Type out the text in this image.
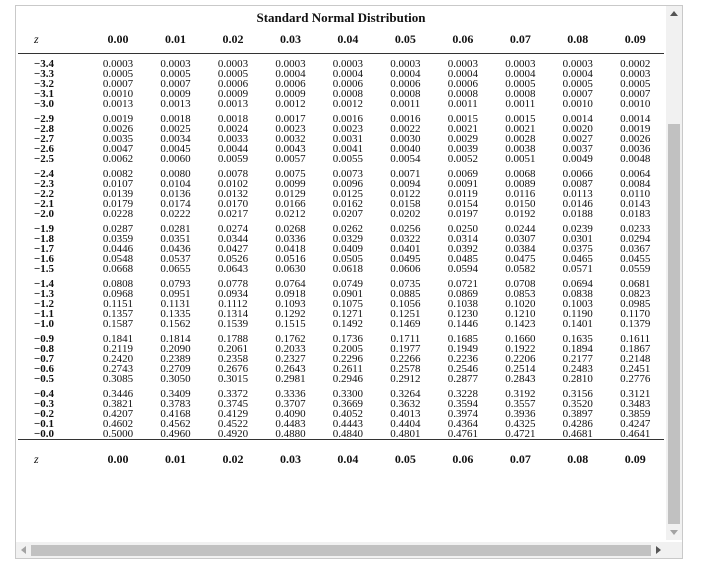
Standard Normal Distribution
z	0.00	0.01	0.02	0.03	0.04	0.05	0.06	0.07	0.08	0.09

−3.4	0.0003	0.0003	0.0003	0.0003	0.0003	0.0003	0.0003	0.0003	0.0003	0.0002
−3.3	0.0005	0.0005	0.0005	0.0004	0.0004	0.0004	0.0004	0.0004	0.0004	0.0003
−3.2	0.0007	0.0007	0.0006	0.0006	0.0006	0.0006	0.0006	0.0005	0.0005	0.0005
−3.1	0.0010	0.0009	0.0009	0.0009	0.0008	0.0008	0.0008	0.0008	0.0007	0.0007
−3.0	0.0013	0.0013	0.0013	0.0012	0.0012	0.0011	0.0011	0.0011	0.0010	0.0010

−2.9	0.0019	0.0018	0.0018	0.0017	0.0016	0.0016	0.0015	0.0015	0.0014	0.0014
−2.8	0.0026	0.0025	0.0024	0.0023	0.0023	0.0022	0.0021	0.0021	0.0020	0.0019
−2.7	0.0035	0.0034	0.0033	0.0032	0.0031	0.0030	0.0029	0.0028	0.0027	0.0026
−2.6	0.0047	0.0045	0.0044	0.0043	0.0041	0.0040	0.0039	0.0038	0.0037	0.0036
−2.5	0.0062	0.0060	0.0059	0.0057	0.0055	0.0054	0.0052	0.0051	0.0049	0.0048

−2.4	0.0082	0.0080	0.0078	0.0075	0.0073	0.0071	0.0069	0.0068	0.0066	0.0064
−2.3	0.0107	0.0104	0.0102	0.0099	0.0096	0.0094	0.0091	0.0089	0.0087	0.0084
−2.2	0.0139	0.0136	0.0132	0.0129	0.0125	0.0122	0.0119	0.0116	0.0113	0.0110
−2.1	0.0179	0.0174	0.0170	0.0166	0.0162	0.0158	0.0154	0.0150	0.0146	0.0143
−2.0	0.0228	0.0222	0.0217	0.0212	0.0207	0.0202	0.0197	0.0192	0.0188	0.0183

−1.9	0.0287	0.0281	0.0274	0.0268	0.0262	0.0256	0.0250	0.0244	0.0239	0.0233
−1.8	0.0359	0.0351	0.0344	0.0336	0.0329	0.0322	0.0314	0.0307	0.0301	0.0294
−1.7	0.0446	0.0436	0.0427	0.0418	0.0409	0.0401	0.0392	0.0384	0.0375	0.0367
−1.6	0.0548	0.0537	0.0526	0.0516	0.0505	0.0495	0.0485	0.0475	0.0465	0.0455
−1.5	0.0668	0.0655	0.0643	0.0630	0.0618	0.0606	0.0594	0.0582	0.0571	0.0559

−1.4	0.0808	0.0793	0.0778	0.0764	0.0749	0.0735	0.0721	0.0708	0.0694	0.0681
−1.3	0.0968	0.0951	0.0934	0.0918	0.0901	0.0885	0.0869	0.0853	0.0838	0.0823
−1.2	0.1151	0.1131	0.1112	0.1093	0.1075	0.1056	0.1038	0.1020	0.1003	0.0985
−1.1	0.1357	0.1335	0.1314	0.1292	0.1271	0.1251	0.1230	0.1210	0.1190	0.1170
−1.0	0.1587	0.1562	0.1539	0.1515	0.1492	0.1469	0.1446	0.1423	0.1401	0.1379

−0.9	0.1841	0.1814	0.1788	0.1762	0.1736	0.1711	0.1685	0.1660	0.1635	0.1611
−0.8	0.2119	0.2090	0.2061	0.2033	0.2005	0.1977	0.1949	0.1922	0.1894	0.1867
−0.7	0.2420	0.2389	0.2358	0.2327	0.2296	0.2266	0.2236	0.2206	0.2177	0.2148
−0.6	0.2743	0.2709	0.2676	0.2643	0.2611	0.2578	0.2546	0.2514	0.2483	0.2451
−0.5	0.3085	0.3050	0.3015	0.2981	0.2946	0.2912	0.2877	0.2843	0.2810	0.2776

−0.4	0.3446	0.3409	0.3372	0.3336	0.3300	0.3264	0.3228	0.3192	0.3156	0.3121
−0.3	0.3821	0.3783	0.3745	0.3707	0.3669	0.3632	0.3594	0.3557	0.3520	0.3483
−0.2	0.4207	0.4168	0.4129	0.4090	0.4052	0.4013	0.3974	0.3936	0.3897	0.3859
−0.1	0.4602	0.4562	0.4522	0.4483	0.4443	0.4404	0.4364	0.4325	0.4286	0.4247
−0.0	0.5000	0.4960	0.4920	0.4880	0.4840	0.4801	0.4761	0.4721	0.4681	0.4641
z	0.00	0.01	0.02	0.03	0.04	0.05	0.06	0.07	0.08	0.09
